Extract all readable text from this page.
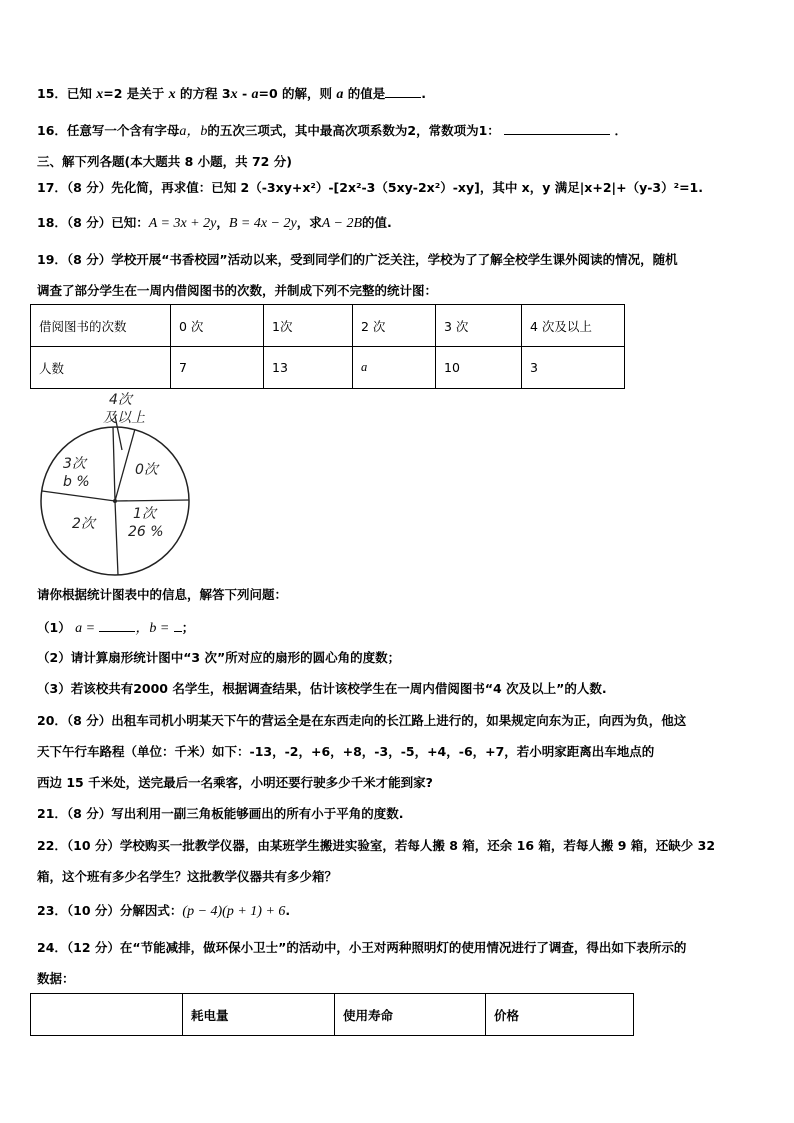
15．已知 x=2 是关于 x 的方程 3x - a=0 的解，则 a 的值是	.
16．任意写一个含有字母a，b的五次三项式，其中最高次项系数为2，常数项为1：	．
三、解下列各题(本大题共 8 小题，共 72 分)
17．（8 分）先化简，再求值：已知 2（-3xy+x²）-[2x²-3（5xy-2x²）-xy]，其中 x，y 满足|x+2|+（y-3）²=1.
18．（8 分）已知：A = 3x + 2y，B = 4x − 2y，求A − 2B的值.
19．（8 分）学校开展“书香校园”活动以来，受到同学们的广泛关注，学校为了了解全校学生课外阅读的情况，随机
调查了部分学生在一周内借阅图书的次数，并制成下列不完整的统计图：
借阅图书的次数	0 次	1次	2 次	3 次	4 次及以上
人数	7	13	a	10	3
4次
及以上
0次
3次
b %
2次
1次
26 %
请你根据统计图表中的信息，解答下列问题：
（1） a =	，b = ；
（2）请计算扇形统计图中“3 次”所对应的扇形的圆心角的度数；
（3）若该校共有2000 名学生，根据调查结果，估计该校学生在一周内借阅图书“4 次及以上”的人数.
20．（8 分）出租车司机小明某天下午的营运全是在东西走向的长江路上进行的，如果规定向东为正，向西为负，他这
天下午行车路程（单位：千米）如下：-13，-2，+6，+8，-3，-5，+4，-6，+7，若小明家距离出车地点的
西边 15 千米处，送完最后一名乘客，小明还要行驶多少千米才能到家?
21．（8 分）写出利用一副三角板能够画出的所有小于平角的度数.
22．（10 分）学校购买一批教学仪器，由某班学生搬进实验室，若每人搬 8 箱，还余 16 箱，若每人搬 9 箱，还缺少 32
箱，这个班有多少名学生？这批教学仪器共有多少箱？
23．（10 分）分解因式：(p − 4)(p + 1) + 6.
24．（12 分）在“节能减排，做环保小卫士”的活动中，小王对两种照明灯的使用情况进行了调查，得出如下表所示的
数据：
	耗电量	使用寿命	价格
